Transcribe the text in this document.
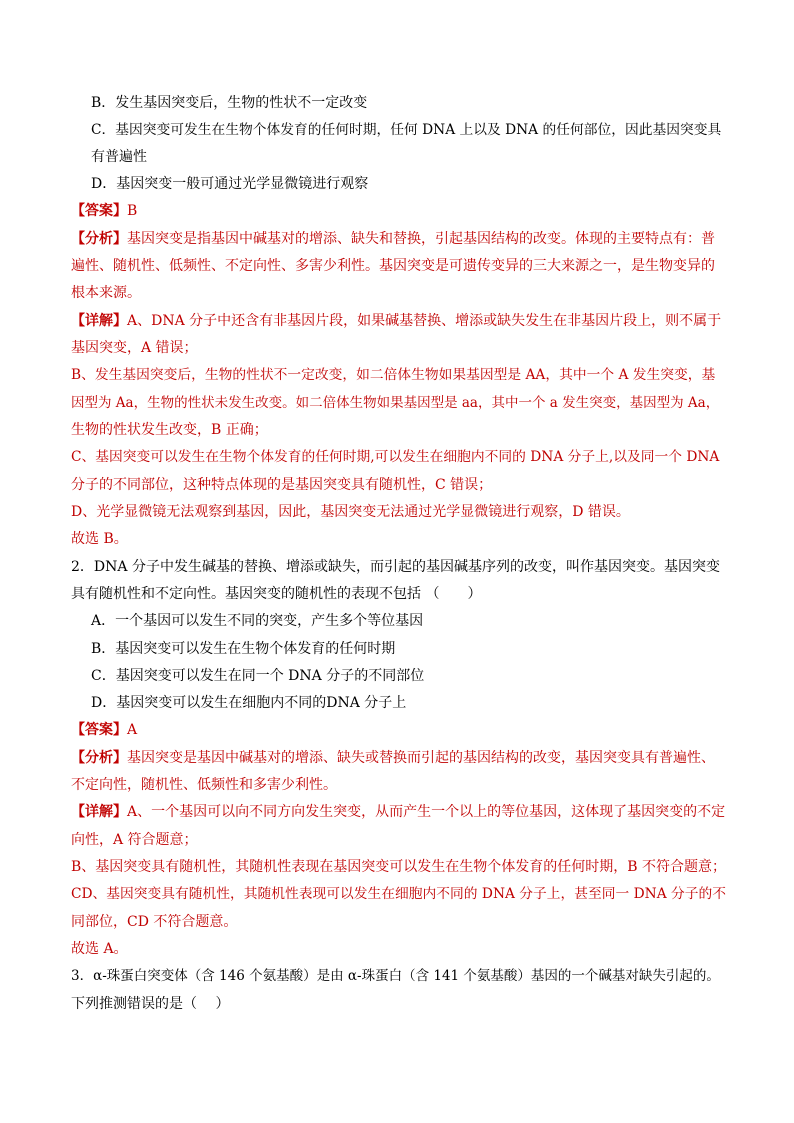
B．发生基因突变后，生物的性状不一定改变
C．基因突变可发生在生物个体发育的任何时期，任何 DNA 上以及 DNA 的任何部位，因此基因突变具
有普遍性
D．基因突变一般可通过光学显微镜进行观察
【答案】B
【分析】基因突变是指基因中碱基对的增添、缺失和替换，引起基因结构的改变。体现的主要特点有：普
遍性、随机性、低频性、不定向性、多害少利性。基因突变是可遗传变异的三大来源之一，是生物变异的
根本来源。
【详解】A、DNA 分子中还含有非基因片段，如果碱基替换、增添或缺失发生在非基因片段上，则不属于
基因突变，A 错误；
B、发生基因突变后，生物的性状不一定改变，如二倍体生物如果基因型是 AA，其中一个 A 发生突变，基
因型为 Aa，生物的性状未发生改变。如二倍体生物如果基因型是 aa，其中一个 a 发生突变，基因型为 Aa，
生物的性状发生改变，B 正确；
C、基因突变可以发生在生物个体发育的任何时期,可以发生在细胞内不同的 DNA 分子上,以及同一个 DNA
分子的不同部位，这种特点体现的是基因突变具有随机性，C 错误；
D、光学显微镜无法观察到基因，因此，基因突变无法通过光学显微镜进行观察，D 错误。
故选 B。
2．DNA 分子中发生碱基的替换、增添或缺失，而引起的基因碱基序列的改变，叫作基因突变。基因突变
具有随机性和不定向性。基因突变的随机性的表现不包括 （　　）
A．一个基因可以发生不同的突变，产生多个等位基因
B．基因突变可以发生在生物个体发育的任何时期
C．基因突变可以发生在同一个 DNA 分子的不同部位
D．基因突变可以发生在细胞内不同的DNA 分子上
【答案】A
【分析】基因突变是基因中碱基对的增添、缺失或替换而引起的基因结构的改变，基因突变具有普遍性、
不定向性，随机性、低频性和多害少利性。
【详解】A、一个基因可以向不同方向发生突变，从而产生一个以上的等位基因，这体现了基因突变的不定
向性，A 符合题意；
B、基因突变具有随机性，其随机性表现在基因突变可以发生在生物个体发育的任何时期，B 不符合题意；
CD、基因突变具有随机性，其随机性表现可以发生在细胞内不同的 DNA 分子上，甚至同一 DNA 分子的不
同部位，CD 不符合题意。
故选 A。
3．α-珠蛋白突变体（含 146 个氨基酸）是由 α-珠蛋白（含 141 个氨基酸）基因的一个碱基对缺失引起的。
下列推测错误的是（　 ）
